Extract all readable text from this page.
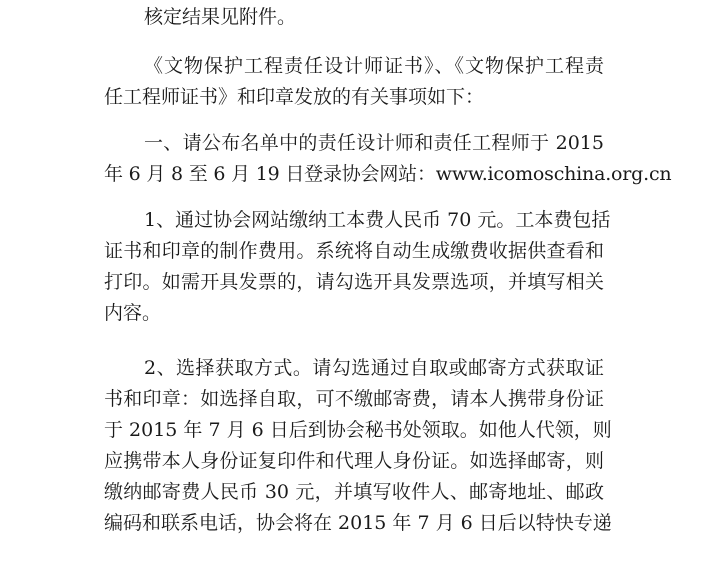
核定结果见附件。
《文物保护工程责任设计师证书》、《文物保护工程责
任工程师证书》和印章发放的有关事项如下：
一、请公布名单中的责任设计师和责任工程师于 2015
年 6 月 8 至 6 月 19 日登录协会网站：www.icomoschina.org.cn
1、通过协会网站缴纳工本费人民币 70 元。工本费包括
证书和印章的制作费用。系统将自动生成缴费收据供查看和
打印。如需开具发票的，请勾选开具发票选项，并填写相关
内容。
2、选择获取方式。请勾选通过自取或邮寄方式获取证
书和印章：如选择自取，可不缴邮寄费，请本人携带身份证
于 2015 年 7 月 6 日后到协会秘书处领取。如他人代领，则
应携带本人身份证复印件和代理人身份证。如选择邮寄，则
缴纳邮寄费人民币 30 元，并填写收件人、邮寄地址、邮政
编码和联系电话，协会将在 2015 年 7 月 6 日后以特快专递
